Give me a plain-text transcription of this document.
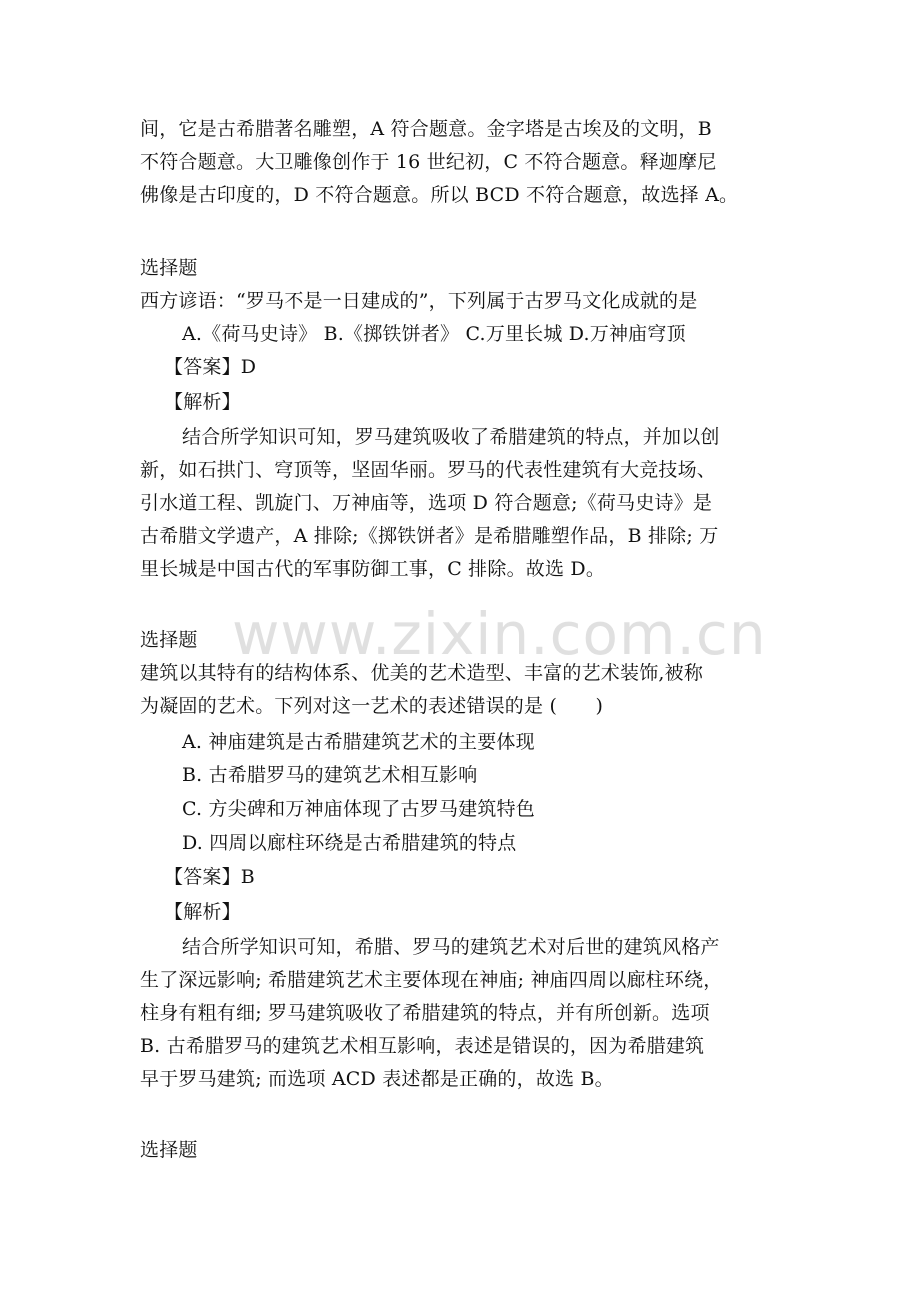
www.zixin.com.cn
间，它是古希腊著名雕塑，A 符合题意。金字塔是古埃及的文明，B
不符合题意。大卫雕像创作于 16 世纪初，C 不符合题意。释迦摩尼
佛像是古印度的，D 不符合题意。所以 BCD 不符合题意，故选择 A。
选择题
西方谚语：“罗马不是一日建成的”，下列属于古罗马文化成就的是
A.《荷马史诗》 B.《掷铁饼者》 C.万里长城 D.万神庙穹顶
【答案】D
【解析】
结合所学知识可知，罗马建筑吸收了希腊建筑的特点，并加以创
新，如石拱门、穹顶等，坚固华丽。罗马的代表性建筑有大竞技场、
引水道工程、凯旋门、万神庙等，选项 D 符合题意;《荷马史诗》是
古希腊文学遗产，A 排除;《掷铁饼者》是希腊雕塑作品，B 排除; 万
里长城是中国古代的军事防御工事，C 排除。故选 D。
选择题
建筑以其特有的结构体系、优美的艺术造型、丰富的艺术装饰,被称
为凝固的艺术。下列对这一艺术的表述错误的是 (　　)
A. 神庙建筑是古希腊建筑艺术的主要体现
B. 古希腊罗马的建筑艺术相互影响
C. 方尖碑和万神庙体现了古罗马建筑特色
D. 四周以廊柱环绕是古希腊建筑的特点
【答案】B
【解析】
结合所学知识可知，希腊、罗马的建筑艺术对后世的建筑风格产
生了深远影响; 希腊建筑艺术主要体现在神庙; 神庙四周以廊柱环绕，
柱身有粗有细; 罗马建筑吸收了希腊建筑的特点，并有所创新。选项
B. 古希腊罗马的建筑艺术相互影响，表述是错误的，因为希腊建筑
早于罗马建筑; 而选项 ACD 表述都是正确的，故选 B。
选择题
